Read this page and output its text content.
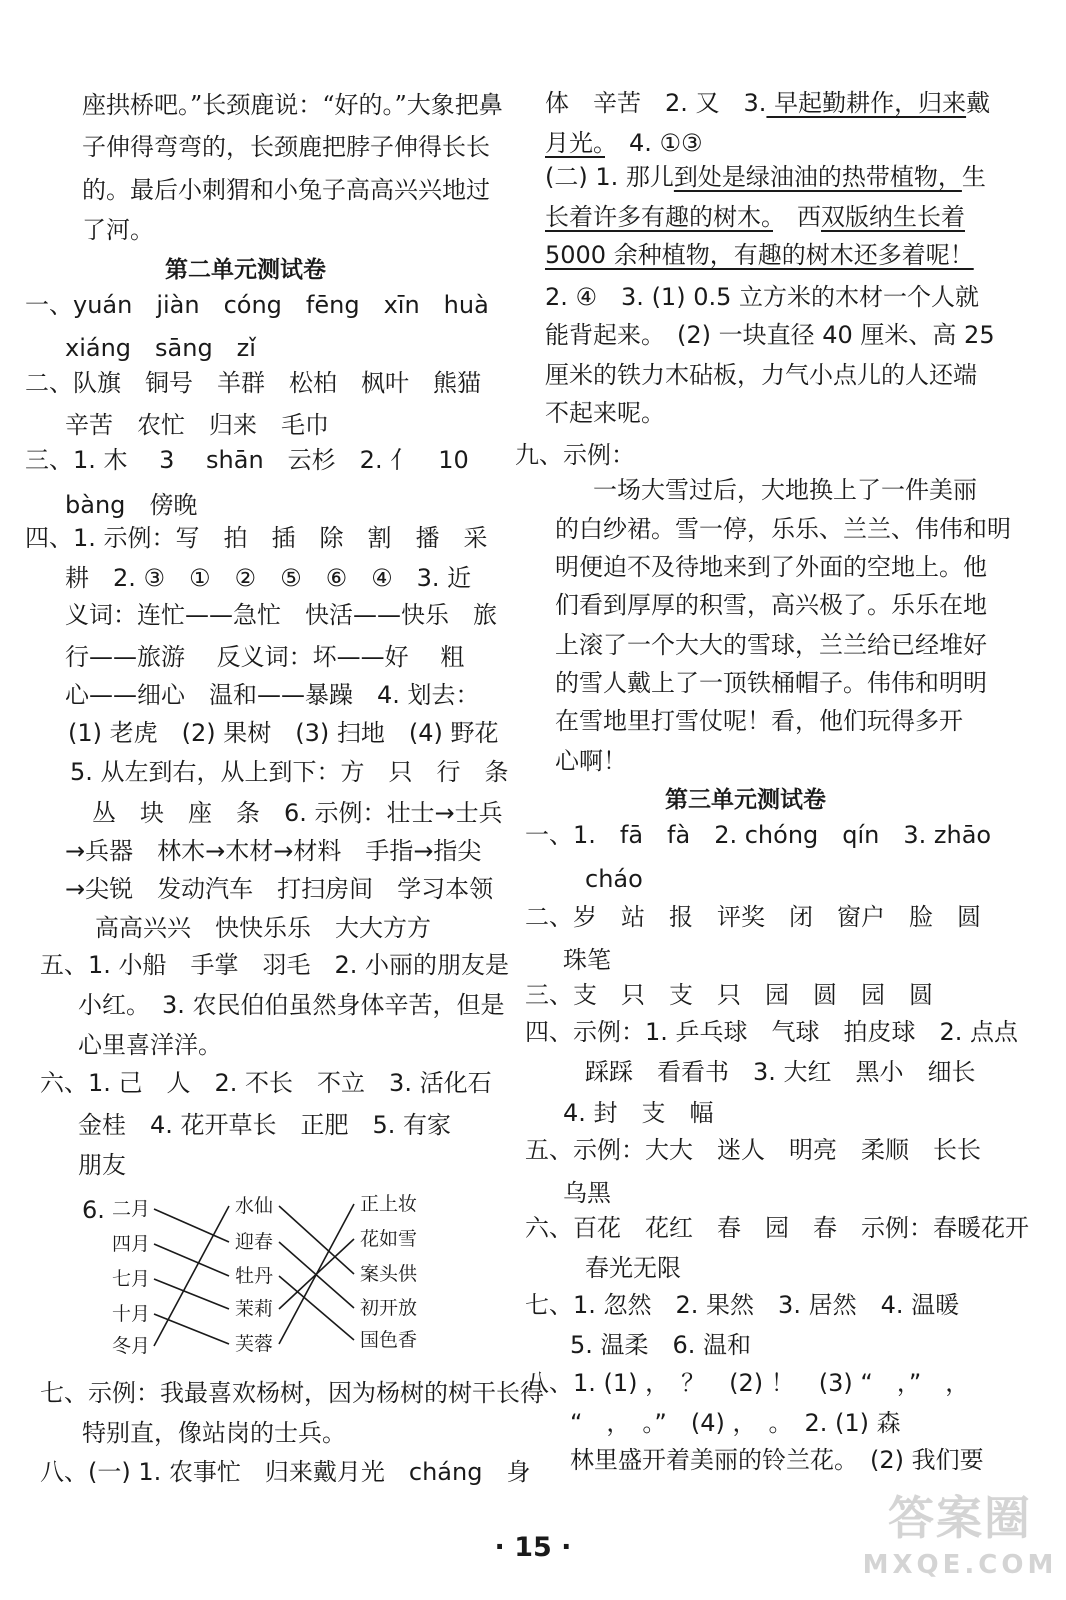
座拱桥吧。”长颈鹿说：“好的。”大象把鼻
子伸得弯弯的，长颈鹿把脖子伸得长长
的。最后小刺猬和小兔子高高兴兴地过
了河。
第二单元测试卷
一、yuán　jiàn　cóng　fēng　xīn　huà
xiáng　sāng　zǐ
二、队旗　铜号　羊群　松柏　枫叶　熊猫
辛苦　农忙　归来　毛巾
三、1. 木　 3　 shān　云杉　2. 亻　10
bàng　傍晚
四、1. 示例：写　拍　插　除　割　播　采
耕　2. ③　①　②　⑤　⑥　④　3. 近
义词：连忙——急忙　快活——快乐　旅
行——旅游　 反义词：坏——好　 粗
心——细心　温和——暴躁　4. 划去：
(1) 老虎　(2) 果树　(3) 扫地　(4) 野花
5. 从左到右，从上到下：方　只　行　条
丛　块　座　条　6. 示例：壮士→士兵
→兵器　林木→木材→材料　手指→指尖
→尖锐　发动汽车　打扫房间　学习本领
高高兴兴　快快乐乐　大大方方
五、1. 小船　手掌　羽毛　2. 小丽的朋友是
小红。　3. 农民伯伯虽然身体辛苦，但是
心里喜洋洋。
六、1. 己　人　2. 不长　不立　3. 活化石
金桂　4. 花开草长　正肥　5. 有家
朋友
6.
七、示例：我最喜欢杨树，因为杨树的树干长得
特别直，像站岗的士兵。
八、(一) 1. 农事忙　归来戴月光　cháng　身
体　辛苦　2. 又　3. 早起勤耕作，归来戴
月光。　4. ①③
(二) 1. 那儿到处是绿油油的热带植物，生
长着许多有趣的树木。　西双版纳生长着
5000 余种植物，有趣的树木还多着呢！
2. ④　3. (1) 0.5 立方米的木材一个人就
能背起来。　(2) 一块直径 40 厘米、高 25
厘米的铁力木砧板，力气小点儿的人还端
不起来呢。
九、示例：
　　一场大雪过后，大地换上了一件美丽
的白纱裙。雪一停，乐乐、兰兰、伟伟和明
明便迫不及待地来到了外面的空地上。他
们看到厚厚的积雪，高兴极了。乐乐在地
上滚了一个大大的雪球，兰兰给已经堆好
的雪人戴上了一顶铁桶帽子。伟伟和明明
在雪地里打雪仗呢！看，他们玩得多开
心啊！
第三单元测试卷
一、1.　fā　fà　2. chóng　qín　3. zhāo
cháo
二、岁　站　报　评奖　闭　窗户　脸　圆
珠笔
三、支　只　支　只　园　圆　园　圆
四、示例：1. 乒乓球　气球　拍皮球　2. 点点
踩踩　看看书　3. 大红　黑小　细长
4. 封　支　幅
五、示例：大大　迷人　明亮　柔顺　长长
乌黑
六、百花　花红　春　园　春　示例：春暖花开
春光无限
七、1. 忽然　2. 果然　3. 居然　4. 温暖
5. 温柔　6. 温和
八、1. (1) ，　？　(2) ！　(3) “　，”　，
“　，　。”　(4) ，　。　2. (1) 森
林里盛开着美丽的铃兰花。　(2) 我们要
二月
四月
七月
十月
冬月
水仙
迎春
牡丹
茉莉
芙蓉
正上妆
花如雪
案头供
初开放
国色香
· 15 ·
答案圈
MXQE.COM
